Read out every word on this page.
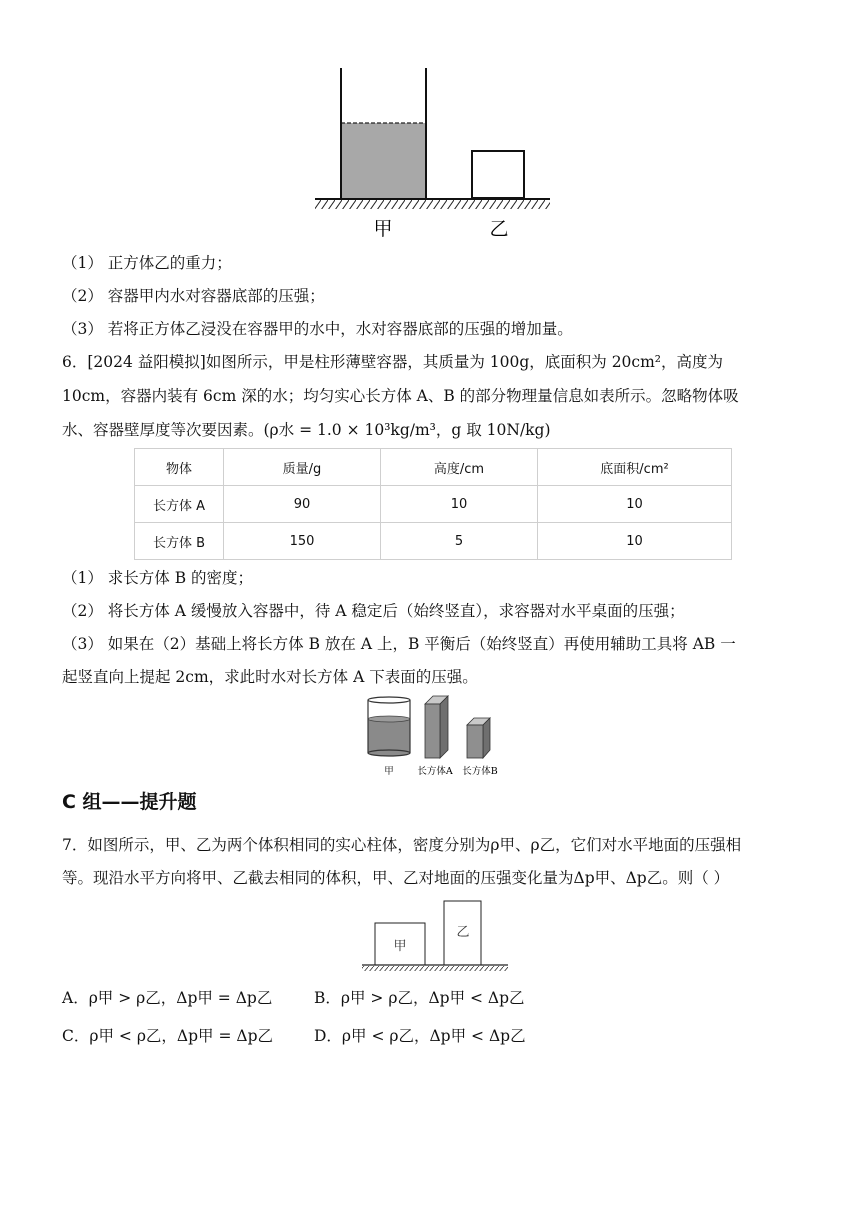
甲	乙
（1） 正方体乙的重力；
（2） 容器甲内水对容器底部的压强；
（3） 若将正方体乙浸没在容器甲的水中，水对容器底部的压强的增加量。
6．[2024 益阳模拟]如图所示，甲是柱形薄壁容器，其质量为 100g，底面积为 20cm²，高度为
10cm，容器内装有 6cm 深的水；均匀实心长方体 A、B 的部分物理量信息如表所示。忽略物体吸
水、容器壁厚度等次要因素。(ρ水 = 1.0 × 10³kg/m³，g 取 10N/kg)
物体	质量/g	高度/cm	底面积/cm²
长方体 A	90	10	10
长方体 B	150	5	10
（1） 求长方体 B 的密度；
（2） 将长方体 A 缓慢放入容器中，待 A 稳定后（始终竖直），求容器对水平桌面的压强；
（3） 如果在（2）基础上将长方体 B 放在 A 上，B 平衡后（始终竖直）再使用辅助工具将 AB 一
起竖直向上提起 2cm，求此时水对长方体 A 下表面的压强。
甲 长方体A 长方体B
C 组——提升题
7．如图所示，甲、乙为两个体积相同的实心柱体，密度分别为ρ甲、ρ乙，它们对水平地面的压强相
等。现沿水平方向将甲、乙截去相同的体积，甲、乙对地面的压强变化量为Δp甲、Δp乙。则（ ）
甲
乙
A．ρ甲 > ρ乙，Δp甲 = Δp乙	B．ρ甲 > ρ乙，Δp甲 < Δp乙
C．ρ甲 < ρ乙，Δp甲 = Δp乙	D．ρ甲 < ρ乙，Δp甲 < Δp乙
